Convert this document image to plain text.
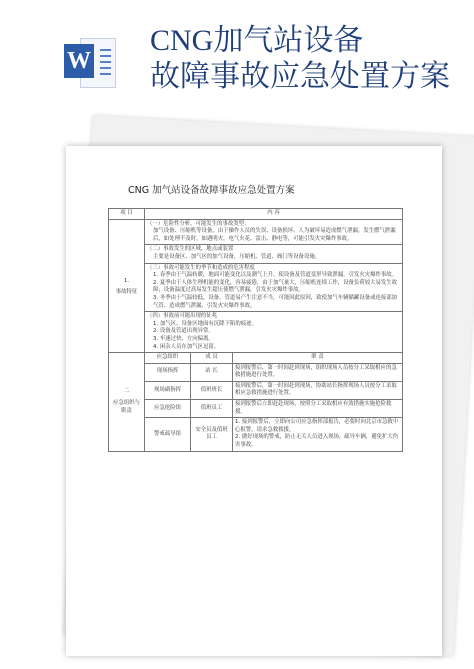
W
CNG加气站设备
故障事故应急处置方案
CNG 加气站设备故障事故应急处置方案
项 目	内 容		

1.
事故特征	（一）危险性分析，可能发生的事故类型：
加气设备、压缩机等设备，由于操作人员的失误、设备损坏、人为破坏易造成燃气泄漏。发生燃气泄漏后，如处理不及时，如遇明火，电气火花、雷击、静电等，可能引发火灾爆炸事故。		

	（二）事故发生的区域，地点或装置
主要是设备区、加气区的加气设备，压缩机、管道、阀门等设备设施。		

	（三）事故可能发生的季节和造成的危害程度
1. 春季由于气温转暖，地面可能变化以及潮气上升，使设备及管道变形导致泄漏，引发火灾爆炸事故。
2. 夏季由于人体生理机能的变化，容易疲倦，由于加气量大，压缩机连续工作，设备负荷较大易发生故障；设备温度过高易发生超压使燃气泄漏，引发火灾爆炸事故。
3. 冬季由于气温较低，设备、管道易产生注意不当，可能因此原因，致使加气车辆储罐设备或连接部加气管、造成燃气泄漏，引发火灾爆炸事故。		

	（四）事故前可能出现的征兆
1. 加气区、设备区地面有沉降下陷的痕迹。
2. 设备及管道出现异常。
3. 车速过快，方向偏离。
4. 闲杂人员在加气区逗留。		

二
应急组织与职责	应急组织	成 员	职 责
	现场指挥	站 长	接到报警后，第一时间赶到现场，组织现场人员按分工采取相应的急救措施进行处置。
	现场副指挥	值班班长	接到报警后，第一时间赶到现场，协助站长指挥现场人员按分工采取相应急救措施进行处置。
	应急抢险组	值班员工	接到报警后立即赶赴现场，按照分工采取相应有效措施实施抢险救援。
	警戒疏导组	安全员及值班员工	1. 接到报警后，立即向公司应急指挥部报告，必要时向北京市急救中心报警，请求急救救援。
2. 做好现场的警戒，防止无关人员进入现场，疏导车辆，避免扩大伤害事故。
